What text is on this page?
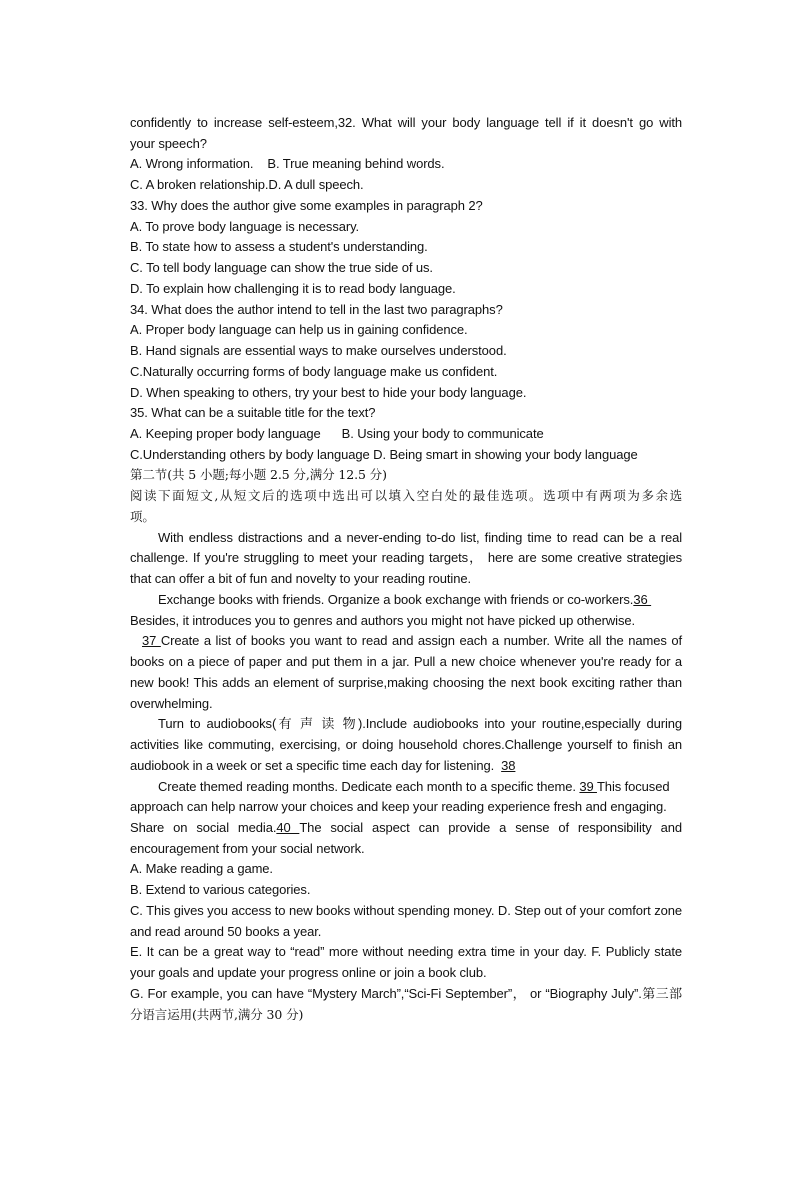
confidently to increase self-esteem,32. What will your body language tell if it doesn't go with
your speech?
A. Wrong information.    B. True meaning behind words.
C. A broken relationship.D. A dull speech.
33. Why does the author give some examples in paragraph 2?
A. To prove body language is necessary.
B. To state how to assess a student's understanding.
C. To tell body language can show the true side of us.
D. To explain how challenging it is to read body language.
34. What does the author intend to tell in the last two paragraphs?
A. Proper body language can help us in gaining confidence.
B. Hand signals are essential ways to make ourselves understood.
C.Naturally occurring forms of body language make us confident.
D. When speaking to others, try your best to hide your body language.
35. What can be a suitable title for the text?
A. Keeping proper body language      B. Using your body to communicate
C.Understanding others by body language D. Being smart in showing your body language
第二节(共 5 小题;每小题 2.5 分,满分 12.5 分)
阅读下面短文,从短文后的选项中选出可以填入空白处的最佳选项。选项中有两项为多余选
项。
With endless distractions and a never-ending to-do list, finding time to read can be a real
challenge. If you're struggling to meet your reading targets， here are some creative strategies
that can offer a bit of fun and novelty to your reading routine.
Exchange books with friends. Organize a book exchange with friends or co-workers.36
Besides, it introduces you to genres and authors you might not have picked up otherwise.
37 Create a list of books you want to read and assign each a number. Write all the names of
books on a piece of paper and put them in a jar. Pull a new choice whenever you're ready for a
new book! This adds an element of surprise,making choosing the next book exciting rather than
overwhelming.
Turn to audiobooks(有 声 读 物).Include audiobooks into your routine,especially during
activities like commuting, exercising, or doing household chores.Challenge yourself to finish an
audiobook in a week or set a specific time each day for listening.  38
Create themed reading months. Dedicate each month to a specific theme. 39 This focused
approach can help narrow your choices and keep your reading experience fresh and engaging.
Share on social media.40 The social aspect can provide a sense of responsibility and
encouragement from your social network.
A. Make reading a game.
B. Extend to various categories.
C. This gives you access to new books without spending money. D. Step out of your comfort zone
and read around 50 books a year.
E. It can be a great way to “read” more without needing extra time in your day. F. Publicly state
your goals and update your progress online or join a book club.
G. For example, you can have “Mystery March”,“Sci-Fi September”， or “Biography July”.第三部
分语言运用(共两节,满分 30 分)
